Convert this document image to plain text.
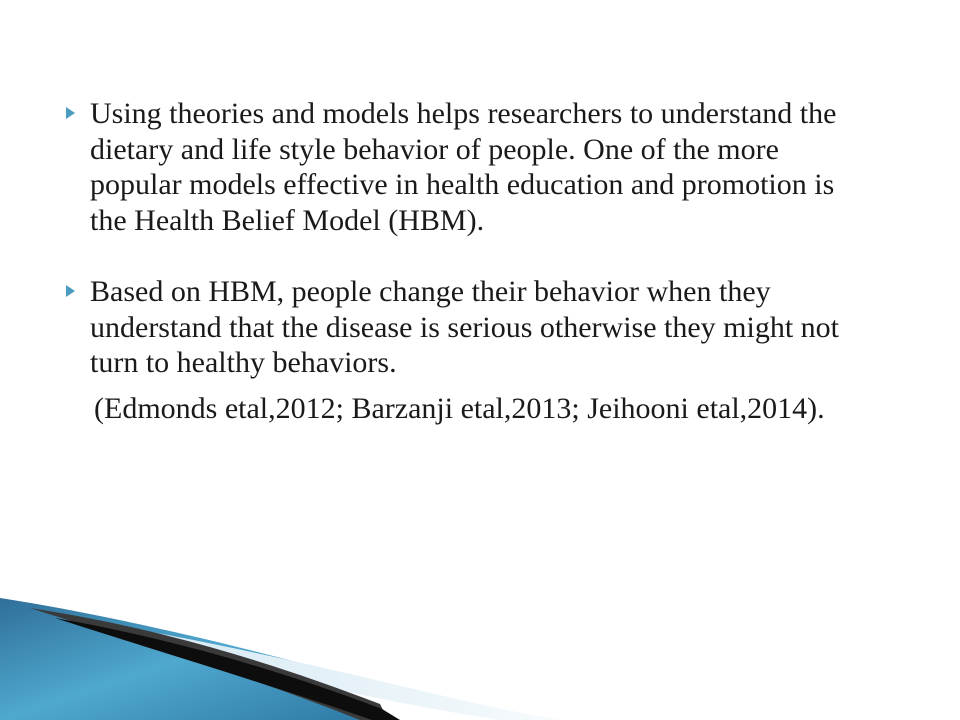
Using theories and models helps researchers to understand the dietary and life style behavior of people. One of the more popular models effective in health education and promotion is the Health Belief Model (HBM).
Based on HBM, people change their behavior when they understand that the disease is serious otherwise they might not turn to healthy behaviors.
(Edmonds etal,2012; Barzanji etal,2013; Jeihooni etal,2014).
